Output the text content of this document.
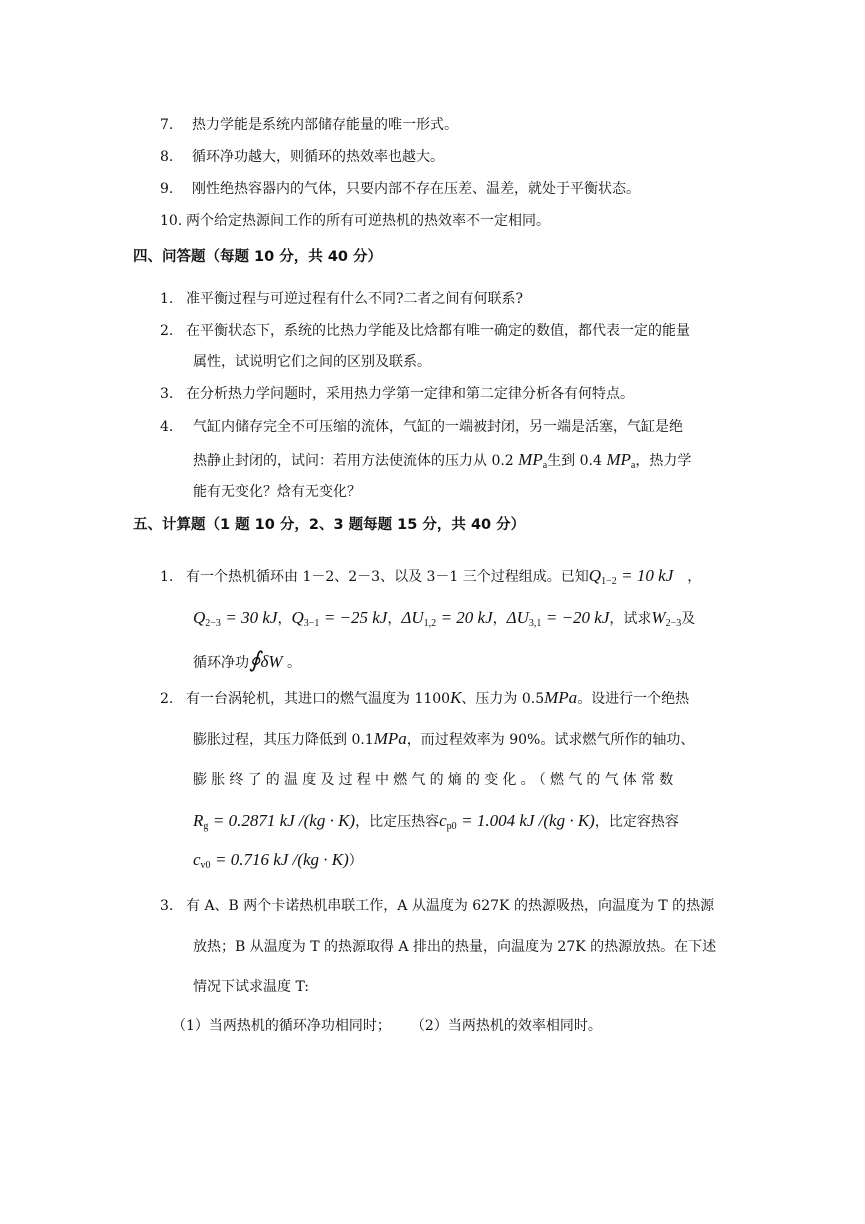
7. 热力学能是系统内部储存能量的唯一形式。
8. 循环净功越大，则循环的热效率也越大。
9. 刚性绝热容器内的气体，只要内部不存在压差、温差，就处于平衡状态。
10. 两个给定热源间工作的所有可逆热机的热效率不一定相同。
四、问答题（每题 10 分，共 40 分）
1. 准平衡过程与可逆过程有什么不同?二者之间有何联系?
2. 在平衡状态下，系统的比热力学能及比焓都有唯一确定的数值，都代表一定的能量
属性，试说明它们之间的区别及联系。
3. 在分析热力学问题时，采用热力学第一定律和第二定律分析各有何特点。
4. 气缸内储存完全不可压缩的流体，气缸的一端被封闭，另一端是活塞，气缸是绝
热静止封闭的，试问：若用方法使流体的压力从 0.2 $MP_a$生到 0.4 $MP_a$，热力学
能有无变化？焓有无变化？
五、计算题（1 题 10 分，2、3 题每题 15 分，共 40 分）
1. 有一个热机循环由 1－2、2－3、以及 3－1 三个过程组成。已知$Q_{1-2} = 10$ kJ ，
$Q_{2-3} = 30$ kJ，$Q_{3-1} = -25$ kJ，$\Delta U_{1,2} = 20$ kJ，$\Delta U_{3,1} = -20$ kJ，试求$W_{2-3}$及
循环净功∮δW 。
2. 有一台涡轮机，其进口的燃气温度为 1100K、压力为 0.5MPa。设进行一个绝热
膨胀过程，其压力降低到 0.1MPa，而过程效率为 90%。试求燃气所作的轴功、
膨胀终了的温度及过程中燃气的熵的变化。（燃气的气体常数
$R_g = 0.2871$ kJ /(kg · K)，比定压热容$c_{p0} = 1.004$ kJ /(kg · K)，比定容热容
$c_{v0} = 0.716$ kJ /(kg · K)）
3. 有 A、B 两个卡诺热机串联工作，A 从温度为 627K 的热源吸热，向温度为 T 的热源
放热；B 从温度为 T 的热源取得 A 排出的热量，向温度为 27K 的热源放热。在下述
情况下试求温度 T:
（1）当两热机的循环净功相同时； （2）当两热机的效率相同时。
